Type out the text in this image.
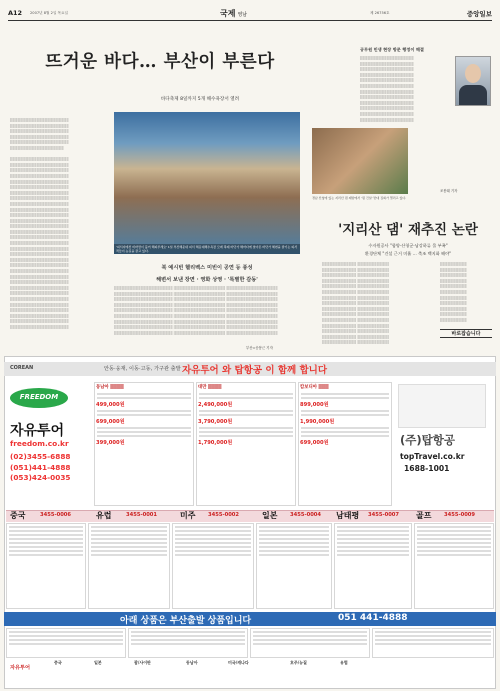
A12 2007년 8월 2일 목요일	국제 영남	제 26756호	중앙일보
░░░░░░░░░░░░░░░░░░░░░░░░
░░░░░░░░░░░░░░░░░░░░░░░░
░░░░░░░░░░░░░░░░░░░░░░░░
░░░░░░░░░░░░░░░░░░░░░░░░
░░░░░░░░░░░░░░░░░░░░░░░░
░░░░░░░░░░░░░░░░░░░░░░

░░░░░░░░░░░░░░░░░░░░░░░░
░░░░░░░░░░░░░░░░░░░░░░░░
░░░░░░░░░░░░░░░░░░░░░░░░
░░░░░░░░░░░░░░░░░░░░░░░░
░░░░░░░░░░░░░░░░░░░░░░░░
░░░░░░░░░░░░░░░░░░░░░░░░
░░░░░░░░░░░░░░░░░░░░░░░░
░░░░░░░░░░░░░░░░░░░░░░░░
░░░░░░░░░░░░░░░░░░░░░░░░
░░░░░░░░░░░░░░░░░░░░░░░░
░░░░░░░░░░░░░░░░░░░░░░░░
░░░░░░░░░░░░░░░░░░░░░░░░
░░░░░░░░░░░░░░░░░░░░░░░░
░░░░░░░░░░░░░░░░░░░░░░░░
░░░░░░░░░░░░░░░░░░░░░░░░
░░░░░░░░░░░░░░░░░░░░░░░░
░░░░░░░░░░░░░░░░░░░░░░░░
░░░░░░░░░░░░░░░░░░░░░░░░
░░░░░░░░░░░░░░░░░░░░░░░░
░░░░░░░░░░░░░░░░░░░░░░░░
░░░░░░░░░░░░░░░░░░░░░░░░
░░░░░░░░░░░░░░░░░░░░░░░░
░░░░░░░░░░░░░░░░░░░░░░░░
░░░░░░░░░░░░░░░░░░░░░░░░
░░░░░░░░░░░░░░░░░░░░░░░░
░░░░░░░░░░░░░░░░░░░░░░░░
░░░░░░░░░░░░░░░░░░░░░░░░
░░░░░░░░░░░░░░░░░░░░░░░░
░░░░░░░░░░░░░░░░░░░░░░░░
░░░░░░░░░░░░░░░░░░░░░░░░
░░░░░░░░░░░░░░░░░░░░░░░░
뜨거운 바다… 부산이 부른다
바다축제 8일까지 5개 해수욕장서 열려
'피서지에선 비바람이 불어 해파루세요' 1일 부산해운대 피서 해운대해수욕장 모래 축제 바닷가 해마다에 찾아온 바닷가 해변을 즐기는 피서객들이 눈길을 끌고 있다.
북 예시빈 헬리벡스 미빈이 공연 등 풍성
해변서 보낸 장면 · 영화 상영 · '특별한 감동'
░░░░░░░░░░░░░░░░░░░░░░░░ ░░░░░░░░░░░░░░░░░░░░░ ░░░░░░░░░░░░░░░░░░░░░
░░░░░░░░░░░░░░░░░░░░░░░░ ░░░░░░░░░░░░░░░░░░░░░ ░░░░░░░░░░░░░░░░░░░░░
░░░░░░░░░░░░░░░░░░░░░░░░ ░░░░░░░░░░░░░░░░░░░░░ ░░░░░░░░░░░░░░░░░░░░░
░░░░░░░░░░░░░░░░░░░░░░░░ ░░░░░░░░░░░░░░░░░░░░░ ░░░░░░░░░░░░░░░░░░░░░
░░░░░░░░░░░░░░░░░░░░░░░░ ░░░░░░░░░░░░░░░░░░░░░ ░░░░░░░░░░░░░░░░░░░░░
░░░░░░░░░░░░░░░░░░░░░░░░ ░░░░░░░░░░░░░░░░░░░░░ ░░░░░░░░░░░░░░░░░░░░░
░░░░░░░░░░░░░░░░░░░░░░░░ ░░░░░░░░░░░░░░░░░░░░░ ░░░░░░░░░░░░░░░░░░░░░
░░░░░░░░░░░░░░░░░░░░░░░░ ░░░░░░░░░░░░░░░░░░░░░ ░░░░░░░░░░░░░░░░░░░░░
░░░░░░░░░░░░░░░░░░░░░░░░ ░░░░░░░░░░░░░░░░░░░░░ ░░░░░░░░░░░░░░░░░░░░░
부산=송봉근 기자
공무원 민생 현장 방문 행정이 해결
░░░░░░░░░░░░░░░░░░░░░░
░░░░░░░░░░░░░░░░░░░░░░
░░░░░░░░░░░░░░░░░░░░░░
░░░░░░░░░░░░░░░░░░░░░░
░░░░░░░░░░░░░░░░░░░░░░
░░░░░░░░░░░░░░░░░░░░░░
░░░░░░░░░░░░░░░░░░░░░░
░░░░░░░░░░░░░░░░░░░░░░
░░░░░░░░░░░░░░░░░░░░░░
░░░░░░░░░░░░░░░░░░░░░░
░░░░░░░░░░░░░░░░░░░░░░
░░░░░░░░░░░░░░░░░░░░░░
경남 산청에 있는 지리산 댐 제방에서 '댐 건설' 반대 집회가 열리고 있다.
조봉래 기자
'지리산 댐' 재추진 논란
수자원공사 "함양·산청군·남강하류 물 부족"
환경단체 "건설 근거 미흡 … 축조 백지화 해야"
░░░░░░░░░░░░░░ ░░░░░░░░░░░░░
░░░░░░░░░░░░░░ ░░░░░░░░░░░░░
░░░░░░░░░░░░░░ ░░░░░░░░░░░░░
░░░░░░░░░░░░░░ ░░░░░░░░░░░░░
░░░░░░░░░░░░░░ ░░░░░░░░░░░░░
░░░░░░░░░░░░░░ ░░░░░░░░░░░░░
░░░░░░░░░░░░░░ ░░░░░░░░░░░░░
░░░░░░░░░░░░░░ ░░░░░░░░░░░░░
░░░░░░░░░░░░░░ ░░░░░░░░░░░░░
░░░░░░░░░░░░░░ ░░░░░░░░░░░░░
░░░░░░░░░░░░░░ ░░░░░░░░░░░░░
░░░░░░░░░░░░░░ ░░░░░░░░░░░░░
░░░░░░░░░░░░░░ ░░░░░░░░░░░░░
░░░░░░░░░░░░░░ ░░░░░░░░░░░░░
░░░░░░░░░░░░░░ ░░░░░░░░░░░░░
░░░░░░░░░░░
░░░░░░░░░░░
░░░░░░░░░░░
░░░░░░░░░░░
░░░░░░░░░░░
░░░░░░░░░░░
░░░░░░░░░░░
░░░░░░░░░░░
░░░░░░░░░░░
░░░░░░░░░░░
░░░░░░░░░░░
바로잡습니다
COREAN	안동·웅재, 이동·고동, 가구관 출발 자유투어 와 탑항공 이 함께 합니다
FREEDOM
자유투어
freedom.co.kr
(02)3455-6888
(051)441-4888
(053)424-0035
동남아 ▒▒▒▒
499,000원
699,000원
399,000원
대만 ▒▒▒▒
2,490,000원
3,790,000원
1,790,000원
캄보디아 ▒▒▒
899,000원
1,990,000원
699,000원	(주)탑항공
topTravel.co.kr
1688-1001
중국	3455-0006	유럽	3455-0001	미주 3455-0002	일본 3455-0004 남태평 3455-0007 골프 3455-0009
아래 상품은 부산출발 상품입니다	051 441-4888
자유투어
중국	일본	괌/사이판	동남아	미국/캐나다	호주/뉴질	유럽
